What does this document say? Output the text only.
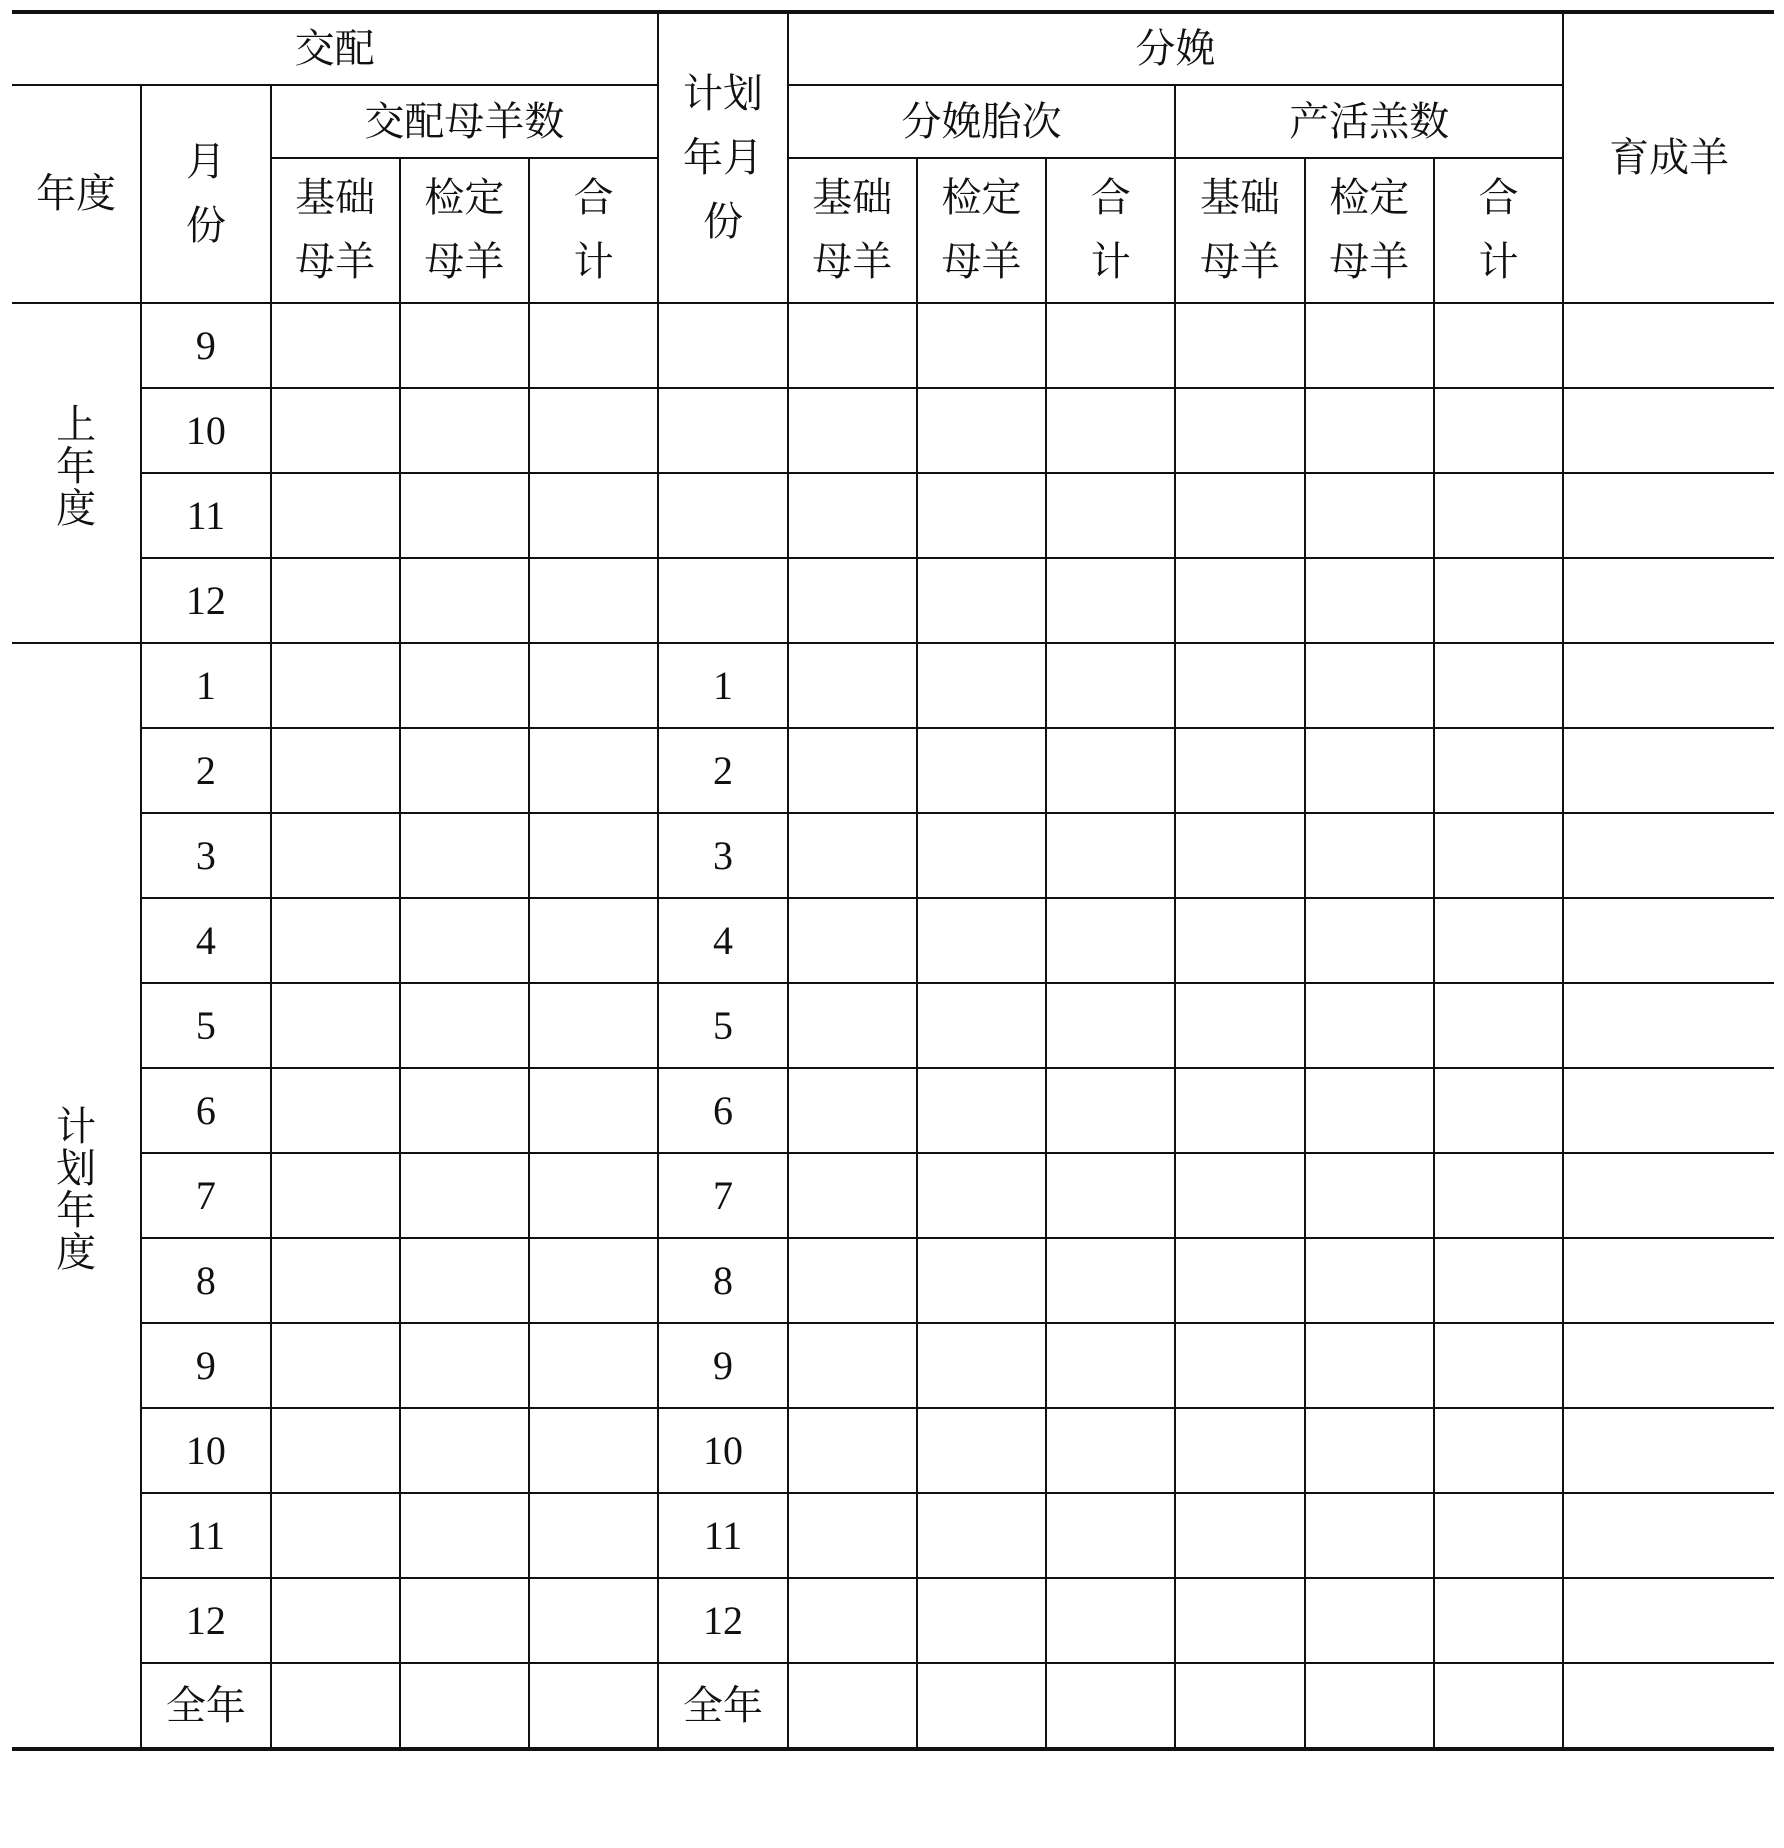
交配					计划年月份	分娩						育成羊
年度	月份	交配母羊数				分娩胎次			产活羔数			
		基础母羊	检定母羊	合计		基础母羊	检定母羊	合计	基础母羊	检定母羊	合计	
上年度	9											
	10											
	11											
	12											
计划年度	1				1							
	2				2							
	3				3							
	4				4							
	5				5							
	6				6							
	7				7							
	8				8							
	9				9							
	10				10							
	11				11							
	12				12							
	全年				全年							
